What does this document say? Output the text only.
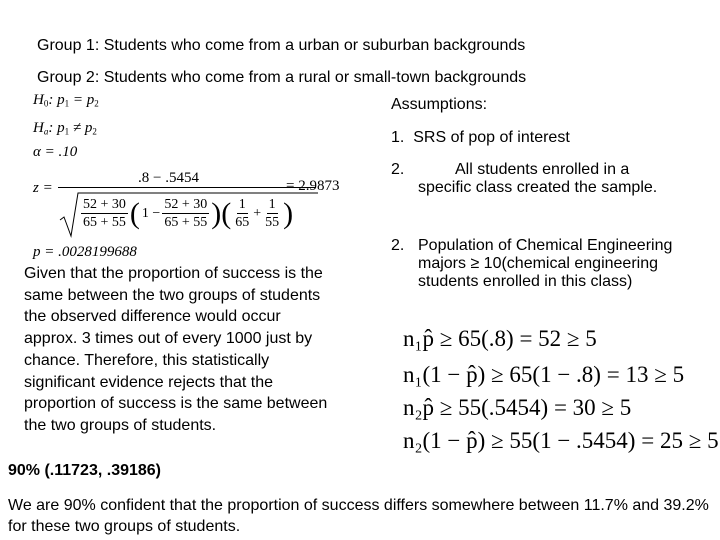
Group 1: Students who come from a urban or suburban backgrounds
Group 2: Students who come from a rural or small-town backgrounds
$H_0$: $p_1 = p_2$
$H_a$: $p_1 \ne p_2$
α = .10
z =
.8 − .5454
$\frac{52 + 30}{65 + 55}$ ( $1 - \frac{52 + 30}{65 + 55}$ )( $\frac{1}{65} + \frac{1}{55}$ )
= 2.9873
p = .0028199688
Assumptions:
1. SRS of pop of interest
2.	All students enrolled in a specific class created the sample.
2. Population of Chemical Engineering majors ≥ 10(chemical engineering students enrolled in this class)
n₁p̂ ≥ 65(.8) = 52 ≥ 5
n₁(1 − p̂) ≥ 65(1 − .8) = 13 ≥ 5
n₂p̂ ≥ 55(.5454) = 30 ≥ 5
n₂(1 − p̂) ≥ 55(1 − .5454) = 25 ≥ 5
Given that the proportion of success is the same between the two groups of students the observed difference would occur approx. 3 times out of every 1000 just by chance. Therefore, this statistically significant evidence rejects that the proportion of success is the same between the two groups of students.
90% (.11723, .39186)
We are 90% confident that the proportion of success differs somewhere between 11.7% and 39.2% for these two groups of students.
